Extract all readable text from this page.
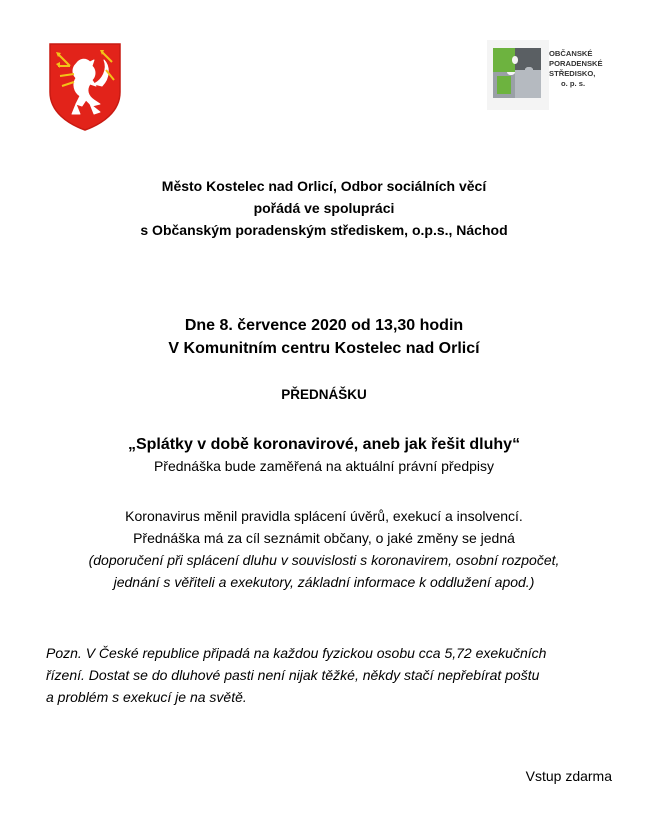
OBČANSKÉ
PORADENSKÉ
STŘEDISKO,
o. p. s.
Město Kostelec nad Orlicí, Odbor sociálních věcí
pořádá ve spolupráci
s Občanským poradenským střediskem, o.p.s., Náchod
Dne 8. července 2020 od 13,30 hodin
V Komunitním centru Kostelec nad Orlicí
PŘEDNÁŠKU
„Splátky v době koronavirové, aneb jak řešit dluhy“
Přednáška bude zaměřená na aktuální právní předpisy
Koronavirus měnil pravidla splácení úvěrů, exekucí a insolvencí.
Přednáška má za cíl seznámit občany, o jaké změny se jedná
(doporučení při splácení dluhu v souvislosti s koronavirem, osobní rozpočet,
jednání s věřiteli a exekutory, základní informace k oddlužení apod.)
Pozn. V České republice připadá na každou fyzickou osobu cca 5,72 exekučních
řízení. Dostat se do dluhové pasti není nijak těžké, někdy stačí nepřebírat poštu
a problém s exekucí je na světě.
Vstup zdarma
